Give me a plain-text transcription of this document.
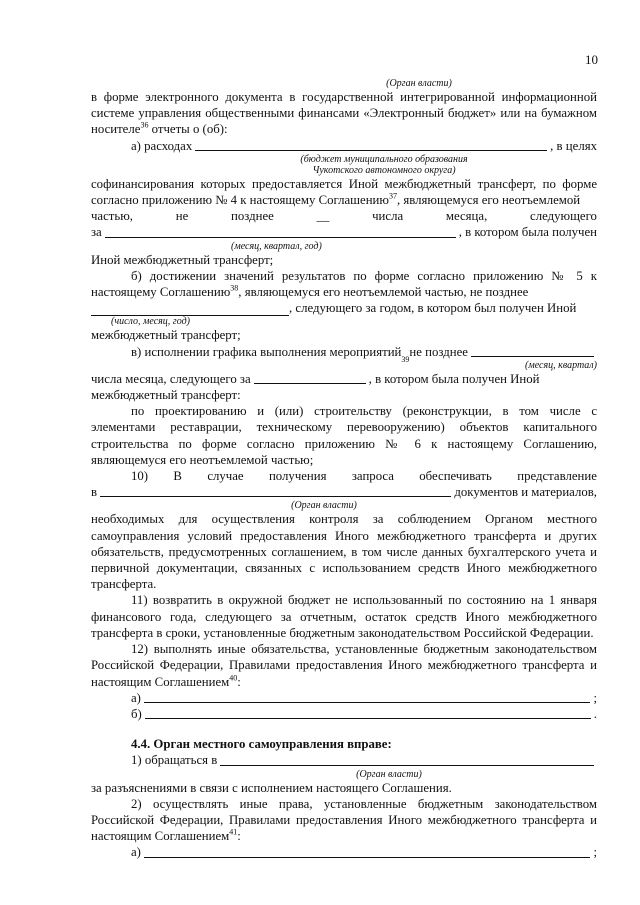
10
(Орган власти)
в форме электронного документа в государственной интегрированной информационной системе управления общественными финансами «Электронный бюджет» или на бумажном носителе$^{36}$ отчеты о (об):
а) расходах	, в целях
(бюджет муниципального образования
Чукотского автономного округа)
софинансирования которых предоставляется Иной межбюджетный трансферт, по форме согласно приложению № 4 к настоящему Соглашению$^{37}$, являющемуся его неотъемлемой
частью,	не	позднее	__	числа	месяца,	следующего
за	, в котором была получен
(месяц, квартал, год)
Иной межбюджетный трансферт;
б) достижении значений результатов по форме согласно приложению № 5 к настоящему Соглашению$^{38}$, являющемуся его неотъемлемой частью, не позднее
, следующего за годом, в котором был получен Иной
(число, месяц, год)
межбюджетный трансферт;
в) исполнении графика выполнения мероприятий
39
не позднее
(месяц, квартал)
числа месяца, следующего за	, в котором была получен Иной
межбюджетный трансферт:
по проектированию и (или) строительству (реконструкции, в том числе с элементами реставрации, техническому перевооружению) объектов капитального строительства по форме согласно приложению № 6 к настоящему Соглашению, являющемуся его неотъемлемой частью;
10) В случае получения запроса обеспечивать представление
в	документов и материалов,
(Орган власти)
необходимых для осуществления контроля за соблюдением Органом местного самоуправления условий предоставления Иного межбюджетного трансферта и других обязательств, предусмотренных соглашением, в том числе данных бухгалтерского учета и первичной документации, связанных с использованием средств Иного межбюджетного трансферта.
11) возвратить в окружной бюджет не использованный по состоянию на 1 января финансового года, следующего за отчетным, остаток средств Иного межбюджетного трансферта в сроки, установленные бюджетным законодательством Российской Федерации.
12) выполнять иные обязательства, установленные бюджетным законодательством Российской Федерации, Правилами предоставления Иного межбюджетного трансферта и настоящим Соглашением$^{40}$:
а)	;
б)	.
4.4. Орган местного самоуправления вправе:
1) обращаться в
(Орган власти)
за разъяснениями в связи с исполнением настоящего Соглашения.
2) осуществлять иные права, установленные бюджетным законодательством Российской Федерации, Правилами предоставления Иного межбюджетного трансферта и настоящим Соглашением$^{41}$:
а)	;
